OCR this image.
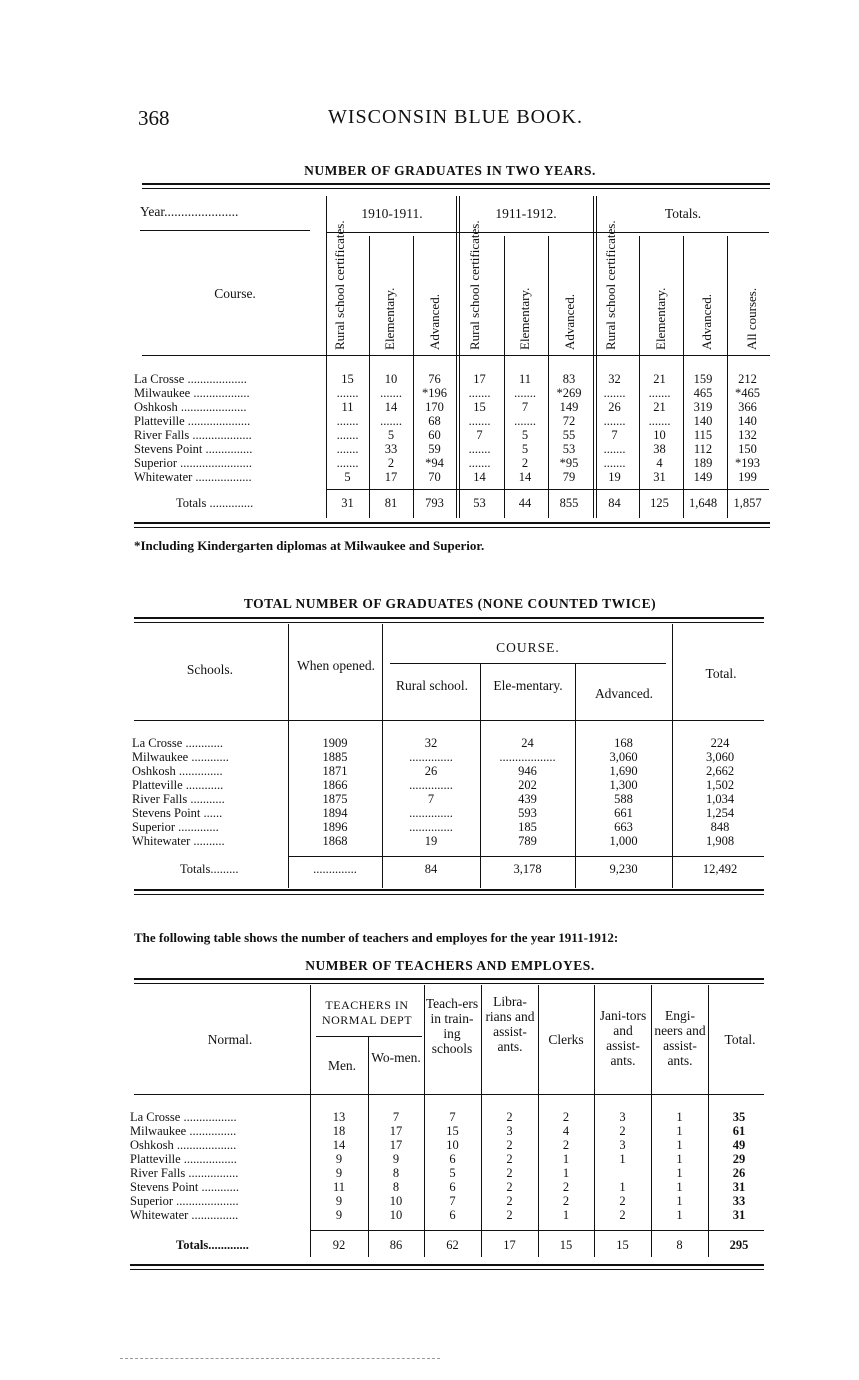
368	WISCONSIN BLUE BOOK.
NUMBER OF GRADUATES IN TWO YEARS.
Year......................
Course.
1910-1911.	1911-1912.	Totals.
Rural school certificates.	Elementary. Advanced. Rural school certificates.	Elementary. Advanced. Rural school certificates.	Elementary. Advanced. All courses.
La Crosse ...................	15	10	76	17	11	83	32	21	159	212
Milwaukee ..................	.......	.......	*196	.......	.......	*269	.......	.......	465	*465
Oshkosh .....................	11	14	170	15	7	149	26	21	319	366
Platteville ....................	.......	.......	68	.......	.......	72	.......	.......	140	140
River Falls ...................	.......	5	60	7	5	55	7	10	115	132
Stevens Point ...............	.......	33	59	.......	5	53	.......	38	112	150
Superior .......................	.......	2	*94	.......	2	*95	.......	4	189	*193
Whitewater ..................	5	17	70	14	14	79	19	31	149	199
Totals ..............	31	81	793	53	44	855	84	125	1,648	1,857
*Including Kindergarten diplomas at Milwaukee and Superior.
TOTAL NUMBER OF GRADUATES (NONE COUNTED TWICE)
Schools.	When opened.
COURSE.
Rural school.	Ele-mentary.
Advanced.
Total.
La Crosse ............	1909	32	24	168	224
Milwaukee ............	1885	..............	..................	3,060	3,060
Oshkosh ..............	1871	26	946	1,690	2,662
Platteville ............	1866	..............	202	1,300	1,502
River Falls ...........	1875	7	439	588	1,034
Stevens Point ......	1894	..............	593	661	1,254
Superior .............	1896	..............	185	663	848
Whitewater ..........	1868	19	789	1,000	1,908
Totals.........	..............	84	3,178	9,230	12,492
The following table shows the number of teachers and employes for the year 1911-1912:
NUMBER OF TEACHERS AND EMPLOYES.
Normal.
TEACHERS IN NORMAL DEPT
Men.
Wo-men.
Teach-ers in train-ing schools
Libra-rians and assist-ants.	Clerks
Jani-tors and assist-ants.
Engi-neers and assist-ants.
Total.
La Crosse .................	13	7	7	2	2	3	1	35
Milwaukee ...............	18	17	15	3	4	2	1	61
Oshkosh ...................	14	17	10	2	2	3	1	49
Platteville .................	9	9	6	2	1	1	1	29
River Falls ................	9	8	5	2	1		1	26
Stevens Point ............	11	8	6	2	2	1	1	31
Superior ....................	9	10	7	2	2	2	1	33
Whitewater ...............	9	10	6	2	1	2	1	31
Totals.............	92	86	62	17	15	15	8	295
